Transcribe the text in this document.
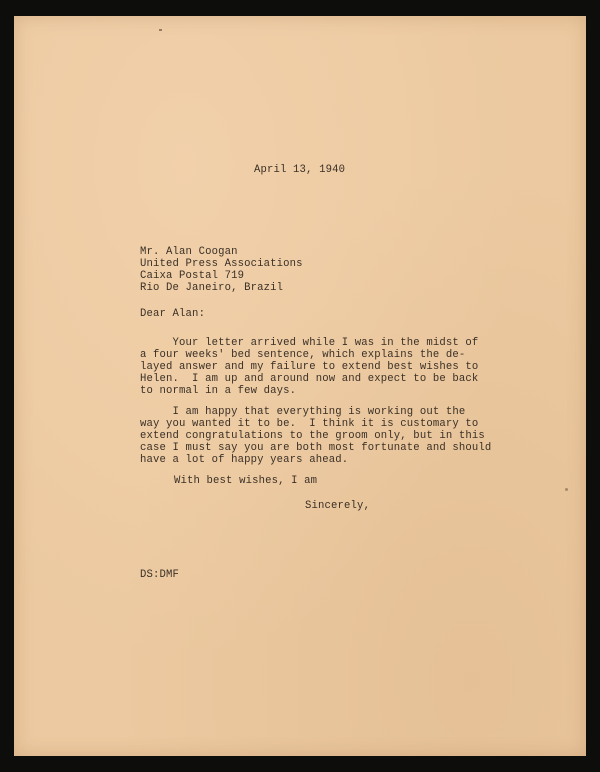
April 13, 1940
Mr. Alan Coogan
United Press Associations
Caixa Postal 719
Rio De Janeiro, Brazil
Dear Alan:
Your letter arrived while I was in the midst of
a four weeks' bed sentence, which explains the de-
layed answer and my failure to extend best wishes to
Helen.  I am up and around now and expect to be back
to normal in a few days.
I am happy that everything is working out the
way you wanted it to be.  I think it is customary to
extend congratulations to the groom only, but in this
case I must say you are both most fortunate and should
have a lot of happy years ahead.
With best wishes, I am
Sincerely,
DS:DMF
